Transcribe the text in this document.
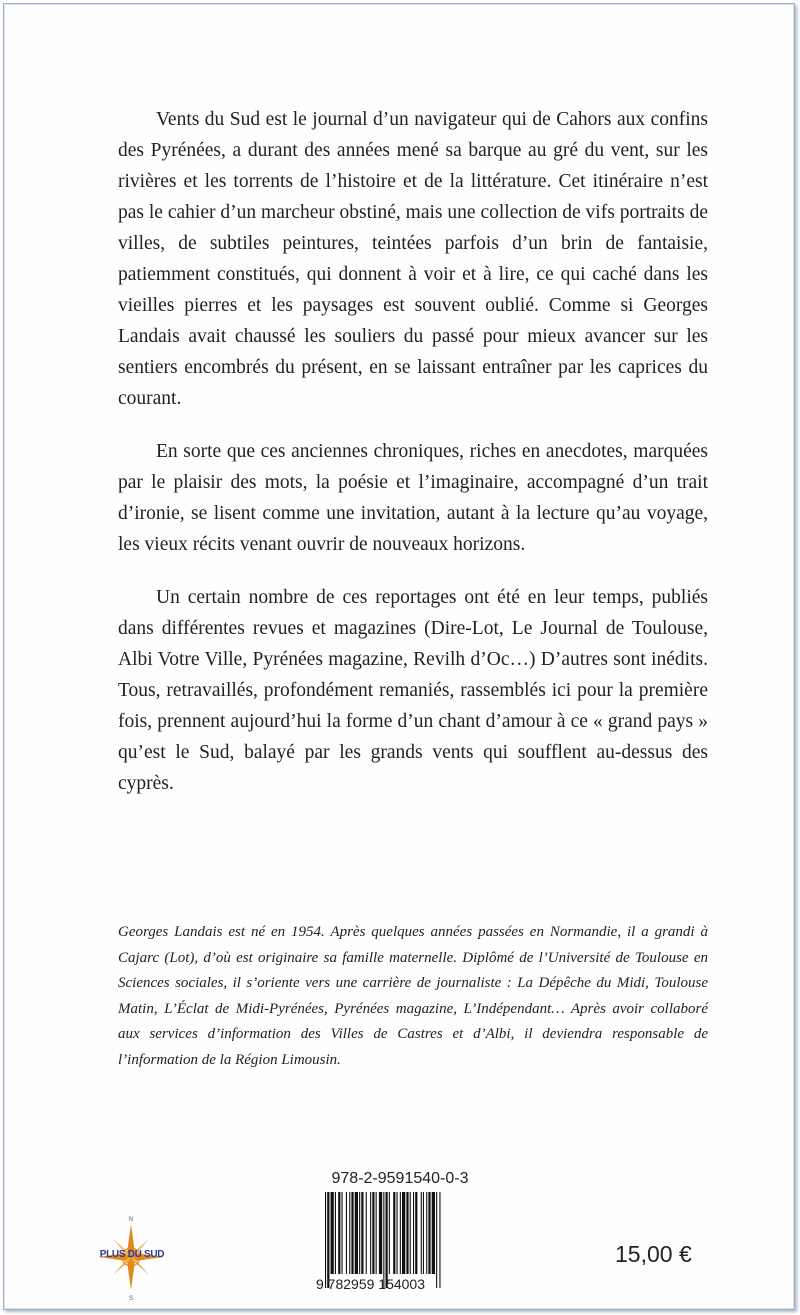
Vents du Sud est le journal d’un navigateur qui de Cahors aux confins des Pyrénées, a durant des années mené sa barque au gré du vent, sur les rivières et les torrents de l’histoire et de la littérature. Cet itinéraire n’est pas le cahier d’un marcheur obstiné, mais une collection de vifs portraits de villes, de subtiles peintures, teintées parfois d’un brin de fantaisie, patiemment constitués, qui donnent à voir et à lire, ce qui caché dans les vieilles pierres et les paysages est souvent oublié. Comme si Georges Landais avait chaussé les souliers du passé pour mieux avancer sur les sentiers encombrés du présent, en se laissant entraîner par les caprices du courant.

En sorte que ces anciennes chroniques, riches en anecdotes, marquées par le plaisir des mots, la poésie et l’imaginaire, accompagné d’un trait d’ironie, se lisent comme une invitation, autant à la lecture qu’au voyage, les vieux récits venant ouvrir de nouveaux horizons.

Un certain nombre de ces reportages ont été en leur temps, publiés dans différentes revues et magazines (Dire-Lot, Le Journal de Toulouse, Albi Votre Ville, Pyrénées magazine, Revilh d’Oc…) D’autres sont inédits. Tous, retravaillés, profondément remaniés, rassemblés ici pour la première fois, prennent aujourd’hui la forme d’un chant d’amour à ce « grand pays » qu’est le Sud, balayé par les grands vents qui soufflent au-dessus des cyprès.

Georges Landais est né en 1954. Après quelques années passées en Normandie, il a grandi à Cajarc (Lot), d’où est originaire sa famille maternelle. Diplômé de l’Université de Toulouse en Sciences sociales, il s’oriente vers une carrière de journaliste : La Dépêche du Midi, Toulouse Matin, L’Éclat de Midi-Pyrénées, Pyrénées magazine, L’Indépendant… Après avoir collaboré aux services d’information des Villes de Castres et d’Albi, il deviendra responsable de l’information de la Région Limousin.

N
S
PLUS DU SUD
978-2-9591540-0-3
9 782959 154003
15,00 €
